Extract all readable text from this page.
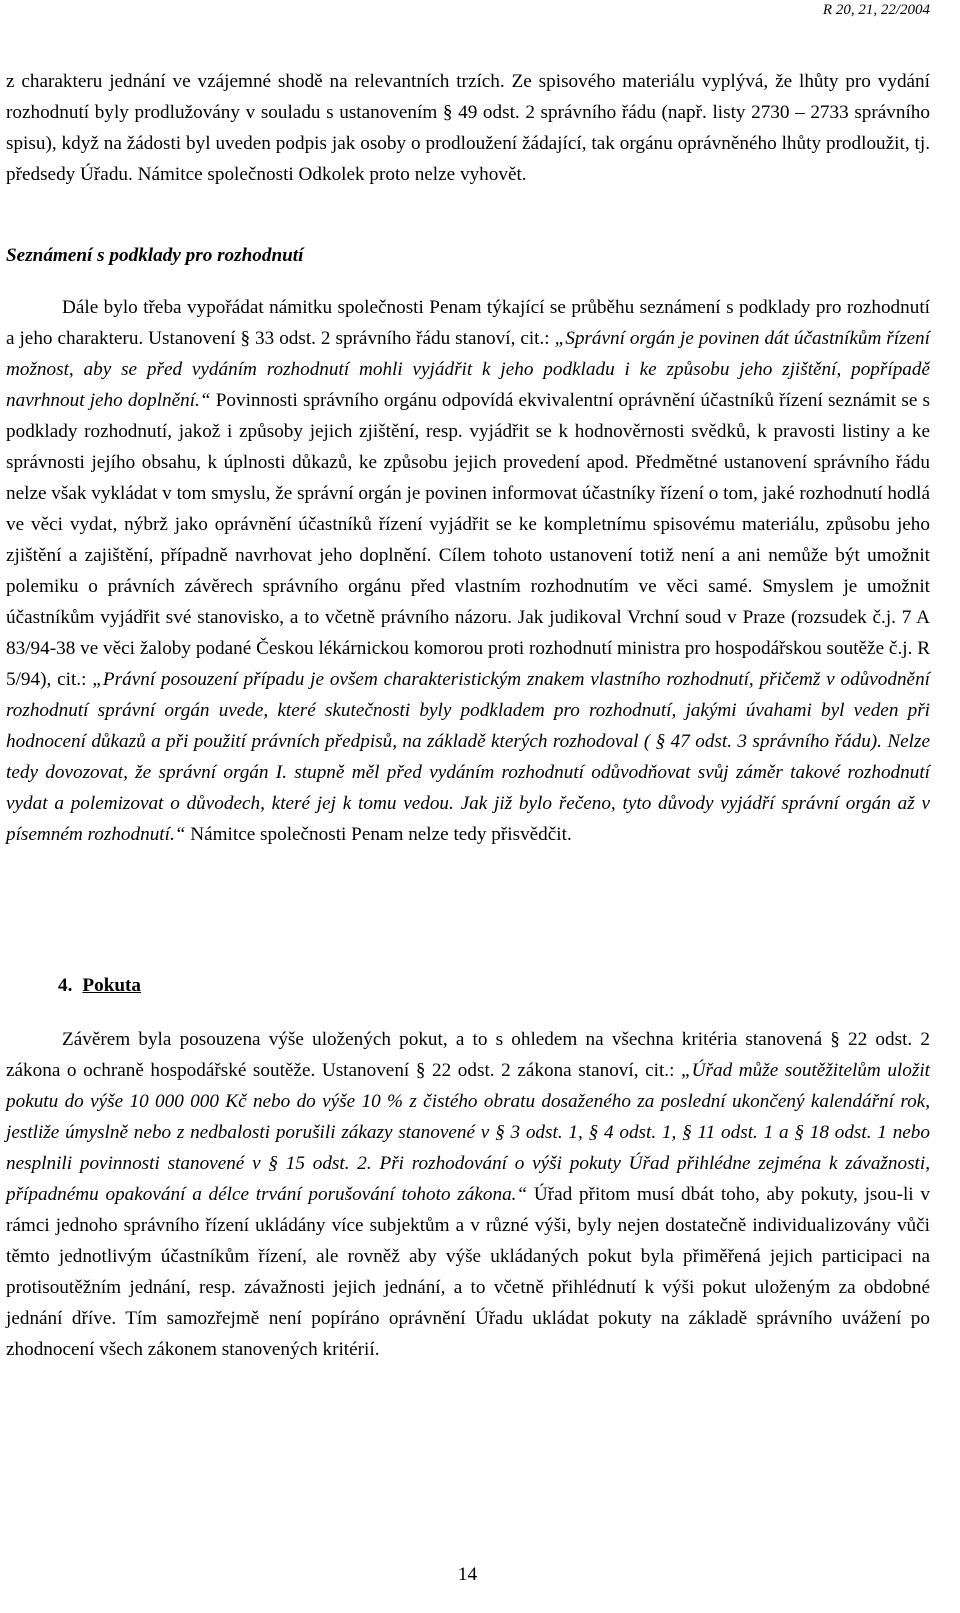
R 20, 21, 22/2004

z charakteru jednání ve vzájemné shodě na relevantních trzích. Ze spisového materiálu vyplývá, že lhůty pro vydání rozhodnutí byly prodlužovány v souladu s ustanovením § 49 odst. 2 správního řádu (např. listy 2730 – 2733 správního spisu), když na žádosti byl uveden podpis jak osoby o prodloužení žádající, tak orgánu oprávněného lhůty prodloužit, tj. předsedy Úřadu. Námitce společnosti Odkolek proto nelze vyhovět.

Seznámení s podklady pro rozhodnutí

Dále bylo třeba vypořádat námitku společnosti Penam týkající se průběhu seznámení s podklady pro rozhodnutí a jeho charakteru. Ustanovení § 33 odst. 2 správního řádu stanoví, cit.: „Správní orgán je povinen dát účastníkům řízení možnost, aby se před vydáním rozhodnutí mohli vyjádřit k jeho podkladu i ke způsobu jeho zjištění, popřípadě navrhnout jeho doplnění.“ Povinnosti správního orgánu odpovídá ekvivalentní oprávnění účastníků řízení seznámit se s podklady rozhodnutí, jakož i způsoby jejich zjištění, resp. vyjádřit se k hodnověrnosti svědků, k pravosti listiny a ke správnosti jejího obsahu, k úplnosti důkazů, ke způsobu jejich provedení apod. Předmětné ustanovení správního řádu nelze však vykládat v tom smyslu, že správní orgán je povinen informovat účastníky řízení o tom, jaké rozhodnutí hodlá ve věci vydat, nýbrž jako oprávnění účastníků řízení vyjádřit se ke kompletnímu spisovému materiálu, způsobu jeho zjištění a zajištění, případně navrhovat jeho doplnění. Cílem tohoto ustanovení totiž není a ani nemůže být umožnit polemiku o právních závěrech správního orgánu před vlastním rozhodnutím ve věci samé. Smyslem je umožnit účastníkům vyjádřit své stanovisko, a to včetně právního názoru. Jak judikoval Vrchní soud v Praze (rozsudek č.j. 7 A 83/94-38 ve věci žaloby podané Českou lékárnickou komorou proti rozhodnutí ministra pro hospodářskou soutěže č.j. R 5/94), cit.: „Právní posouzení případu je ovšem charakteristickým znakem vlastního rozhodnutí, přičemž v odůvodnění rozhodnutí správní orgán uvede, které skutečnosti byly podkladem pro rozhodnutí, jakými úvahami byl veden při hodnocení důkazů a při použití právních předpisů, na základě kterých rozhodoval ( § 47 odst. 3 správního řádu). Nelze tedy dovozovat, že správní orgán I. stupně měl před vydáním rozhodnutí odůvodňovat svůj záměr takové rozhodnutí vydat a polemizovat o důvodech, které jej k tomu vedou. Jak již bylo řečeno, tyto důvody vyjádří správní orgán až v písemném rozhodnutí.“ Námitce společnosti Penam nelze tedy přisvědčit.

4. Pokuta

Závěrem byla posouzena výše uložených pokut, a to s ohledem na všechna kritéria stanovená § 22 odst. 2 zákona o ochraně hospodářské soutěže. Ustanovení § 22 odst. 2 zákona stanoví, cit.: „Úřad může soutěžitelům uložit pokutu do výše 10 000 000 Kč nebo do výše 10 % z čistého obratu dosaženého za poslední ukončený kalendářní rok, jestliže úmyslně nebo z nedbalosti porušili zákazy stanovené v § 3 odst. 1, § 4 odst. 1, § 11 odst. 1 a § 18 odst. 1 nebo nesplnili povinnosti stanovené v § 15 odst. 2. Při rozhodování o výši pokuty Úřad přihlédne zejména k závažnosti, případnému opakování a délce trvání porušování tohoto zákona.“ Úřad přitom musí dbát toho, aby pokuty, jsou-li v rámci jednoho správního řízení ukládány více subjektům a v různé výši, byly nejen dostatečně individualizovány vůči těmto jednotlivým účastníkům řízení, ale rovněž aby výše ukládaných pokut byla přiměřená jejich participaci na protisoutěžním jednání, resp. závažnosti jejich jednání, a to včetně přihlédnutí k výši pokut uloženým za obdobné jednání dříve. Tím samozřejmě není popíráno oprávnění Úřadu ukládat pokuty na základě správního uvážení po zhodnocení všech zákonem stanovených kritérií.

14
